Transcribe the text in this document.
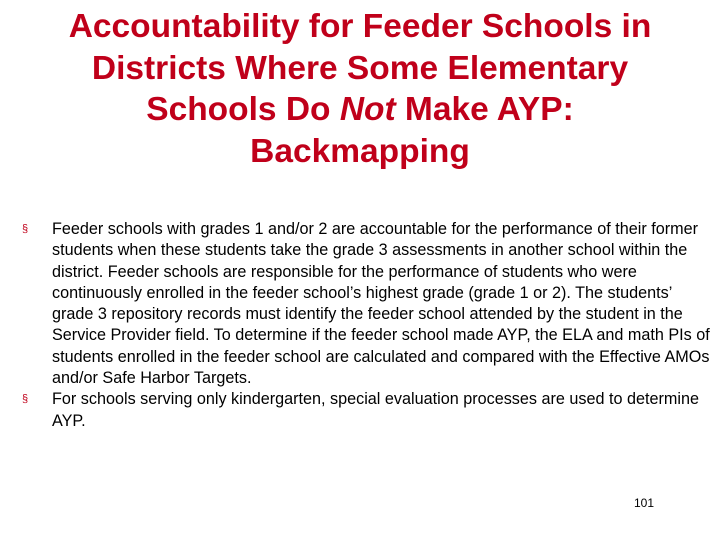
Accountability for Feeder Schools in Districts Where Some Elementary Schools Do Not Make AYP: Backmapping
§ Feeder schools with grades 1 and/or 2 are accountable for the performance of their former students when these students take the grade 3 assessments in another school within the district. Feeder schools are responsible for the performance of students who were continuously enrolled in the feeder school’s highest grade (grade 1 or 2). The students’ grade 3 repository records must identify the feeder school attended by the student in the Service Provider field. To determine if the feeder school made AYP, the ELA and math PIs of students enrolled in the feeder school are calculated and compared with the Effective AMOs and/or Safe Harbor Targets.
§ For schools serving only kindergarten, special evaluation processes are used to determine AYP.
101
